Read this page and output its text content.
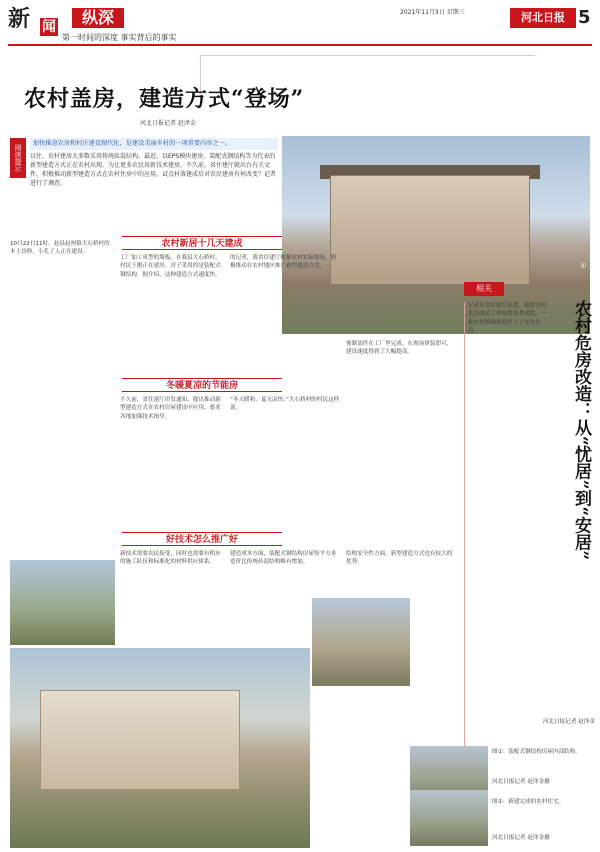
新 闻	纵深
第一时间的深度 事实背后的事实
2021年11月3日 星期三	河北日报 5
农村盖房，建造方式“登场”
河北日报记者 赵泽金
阅读提示
加快推进农房和村庄建设现代化，是建设美丽乡村的一项重要内容之一。
以往，农村建房大多数采用传统砖混结构。最近，以EPS模块建房、装配式钢结构等为代表的新型建造方式正在农村出现。为让更多农民用新技术建房，不久前，省住建厅就出台有关文件，积极推动新型建造方式在农村住房中的应用。试点村落建成后对农民建房有何改变？记者进行了调查。
①
10月22日11时，赵县赵州镇大石桥村的本土房修，小孔了人正在建设。
农村新居十几天建成
工厂加工成型的墙板。在我县大石桥村，村民王刚正在建房，房子采用的是装配式钢结构，据介绍，这种建造方式速度快。
的记者，我省住建厅根据农村实际情况，积极推动在农村地区推广新型建造方式。
预制部件在工厂里完成，在现场拼装即可，建设速度得到了大幅提高。
冬暖夏凉的节能房
不久前，省住建厅印发通知，提出推动新型建造方式在农村房屋建设中应用，要求各地加强技术指导。
“冬天暖和，夏天凉快。”大石桥村的村民这样说。
好技术怎么推广好
新技术需要农民接受，同时也需要有相应的施工队伍和标准化的材料供应体系。
建造成本方面，装配式钢结构房屋每平方米造价比传统砖混结构略有增加。
结构安全性方面，新型建造方式也有较大的优势。
相关
农村危房改造：从“忧居”到“安居”
记者从省住建厅获悉，我省农村危房改造工作取得显著成效，一批农村困难群众住上了安全住房。
河北日报记者 赵泽金
图①：装配式钢结构房屋内部结构。
河北日报记者 赵泽金摄
图②：新建完成的农村住宅。
河北日报记者 赵泽金摄
